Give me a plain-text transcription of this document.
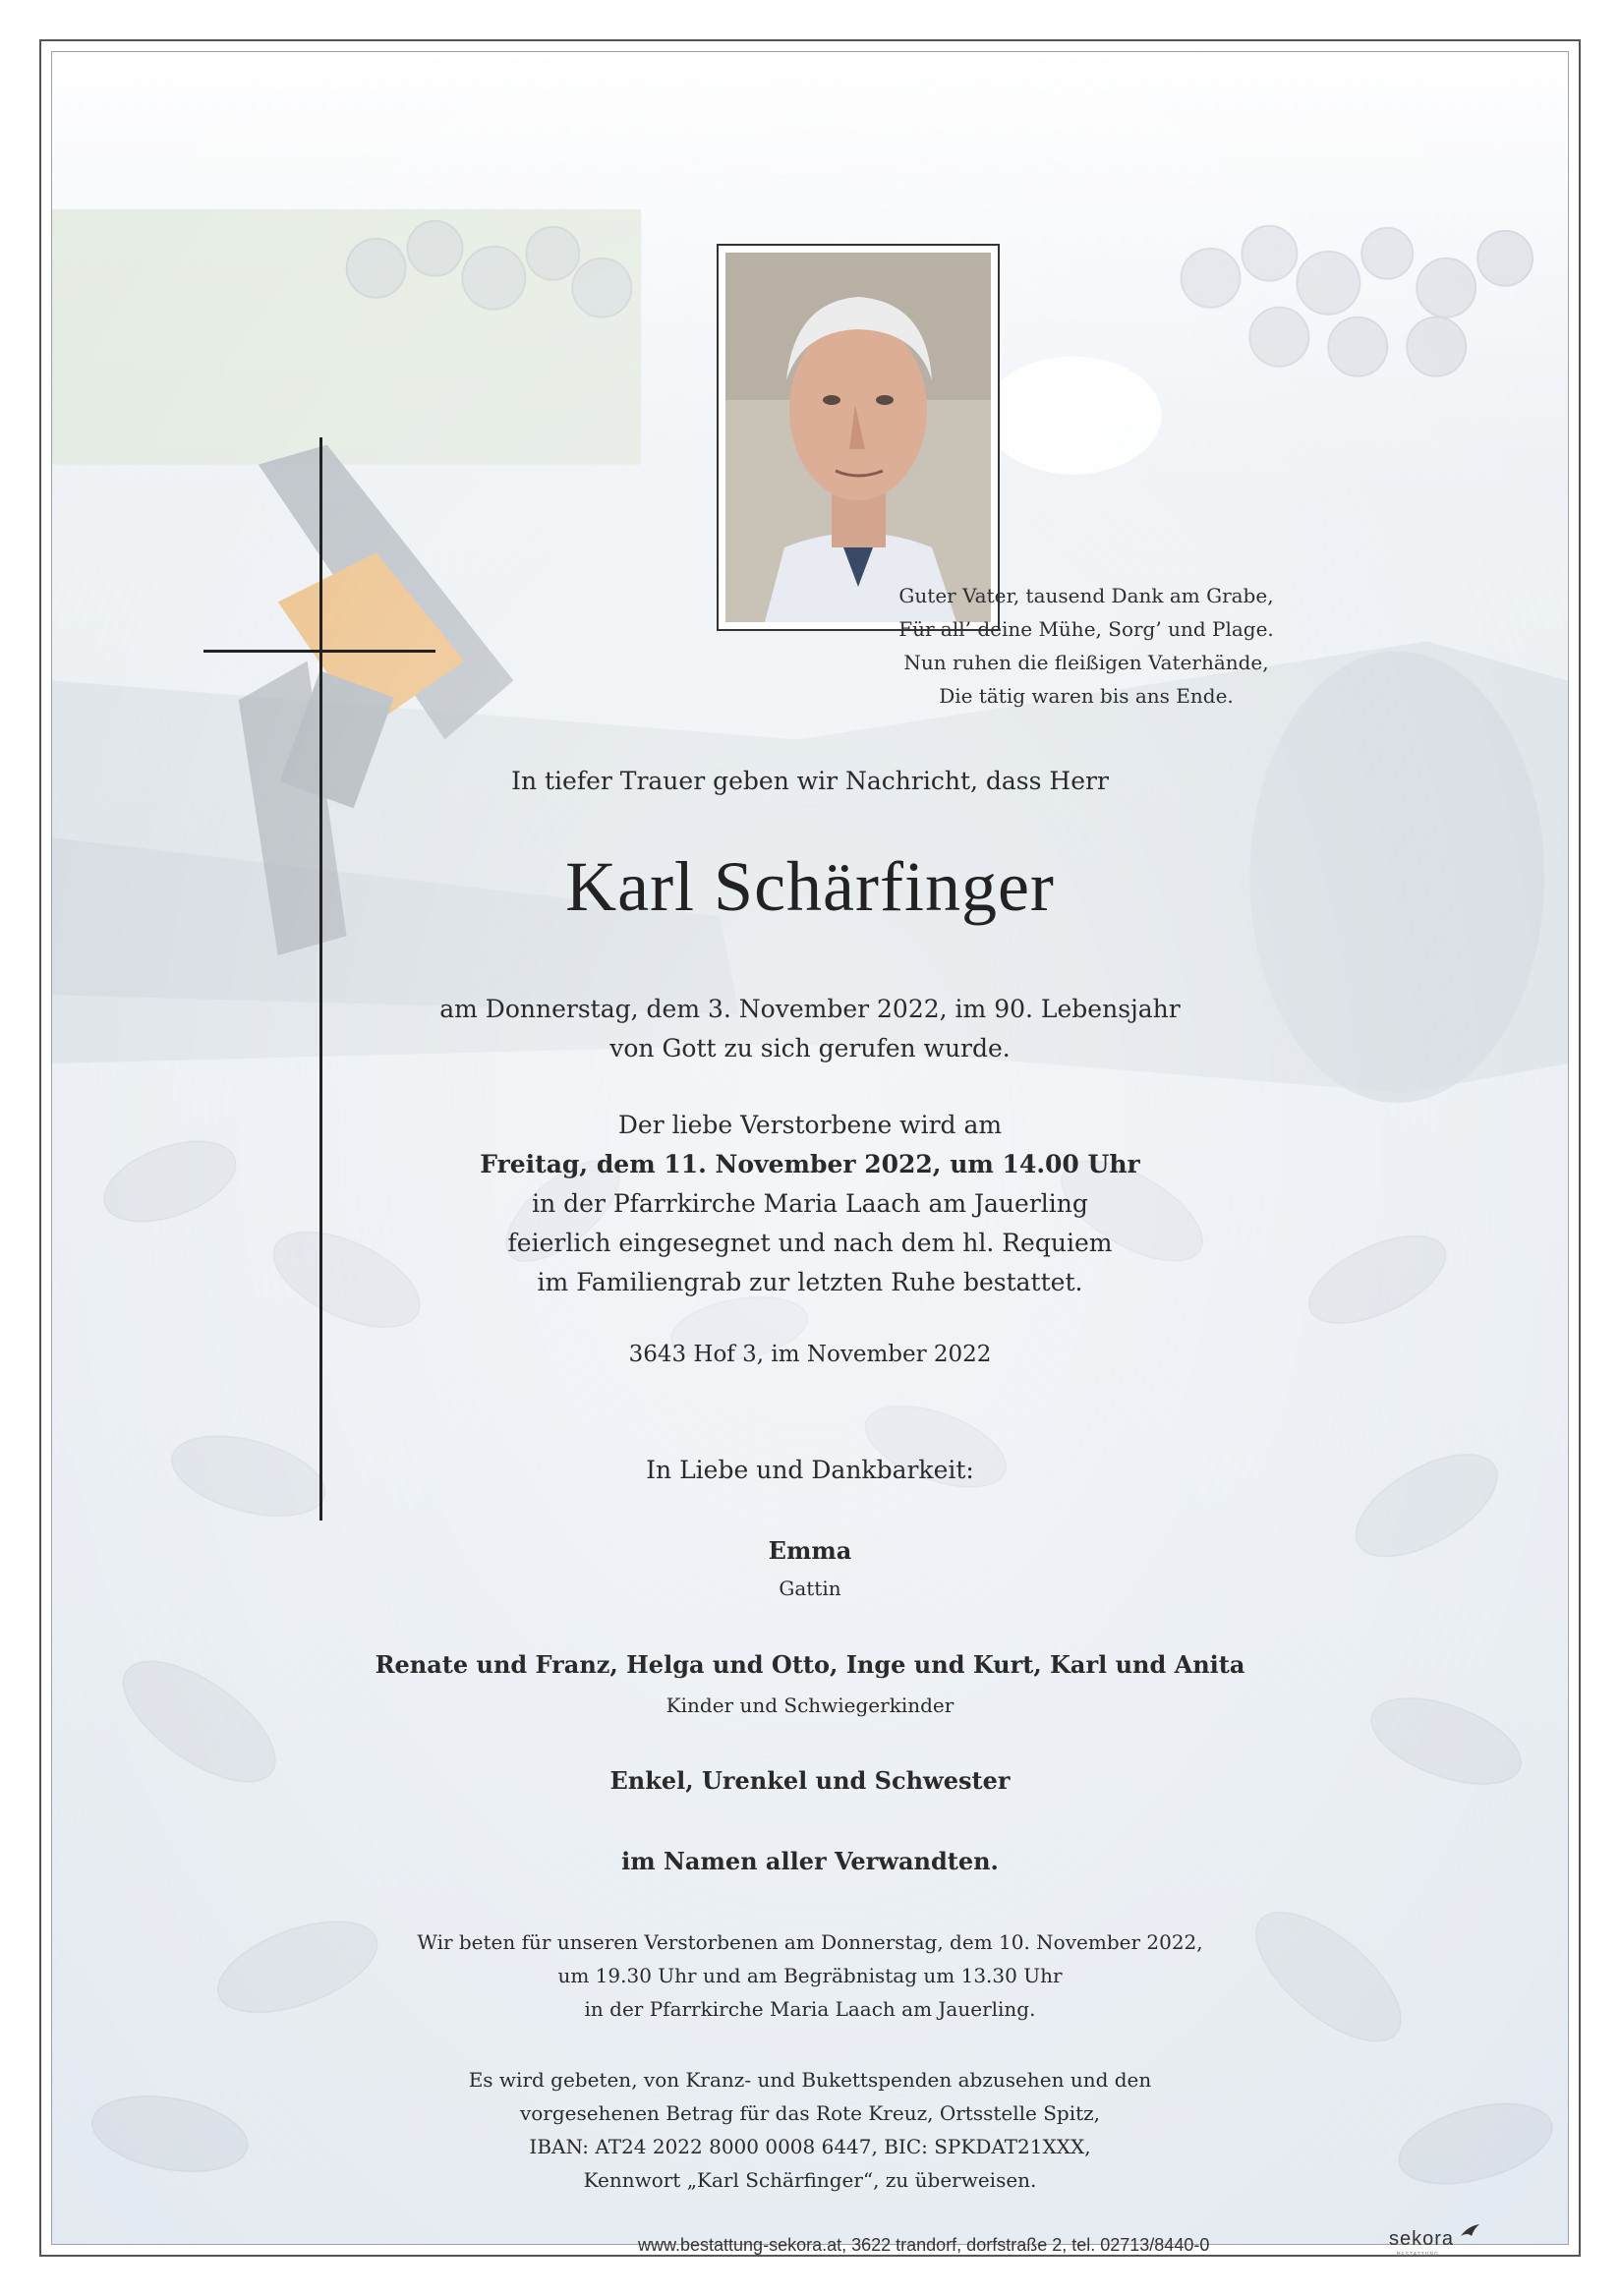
Guter Vater, tausend Dank am Grabe,
Für all’ deine Mühe, Sorg’ und Plage.
Nun ruhen die fleißigen Vaterhände,
Die tätig waren bis ans Ende.
In tiefer Trauer geben wir Nachricht, dass Herr
Karl Schärfinger
am Donnerstag, dem 3. November 2022, im 90. Lebensjahr
von Gott zu sich gerufen wurde.
Der liebe Verstorbene wird am
Freitag, dem 11. November 2022, um 14.00 Uhr
in der Pfarrkirche Maria Laach am Jauerling
feierlich eingesegnet und nach dem hl. Requiem
im Familiengrab zur letzten Ruhe bestattet.
3643 Hof 3, im November 2022
In Liebe und Dankbarkeit:
Emma
Gattin
Renate und Franz, Helga und Otto, Inge und Kurt, Karl und Anita
Kinder und Schwiegerkinder
Enkel, Urenkel und Schwester
im Namen aller Verwandten.
Wir beten für unseren Verstorbenen am Donnerstag, dem 10. November 2022,
um 19.30 Uhr und am Begräbnistag um 13.30 Uhr
in der Pfarrkirche Maria Laach am Jauerling.
Es wird gebeten, von Kranz- und Bukettspenden abzusehen und den
vorgesehenen Betrag für das Rote Kreuz, Ortsstelle Spitz,
IBAN: AT24 2022 8000 0008 6447, BIC: SPKDAT21XXX,
Kennwort „Karl Schärfinger“, zu überweisen.
www.bestattung-sekora.at, 3622 trandorf, dorfstraße 2, tel. 02713/8440-0	sekora
BESTATTUNG
